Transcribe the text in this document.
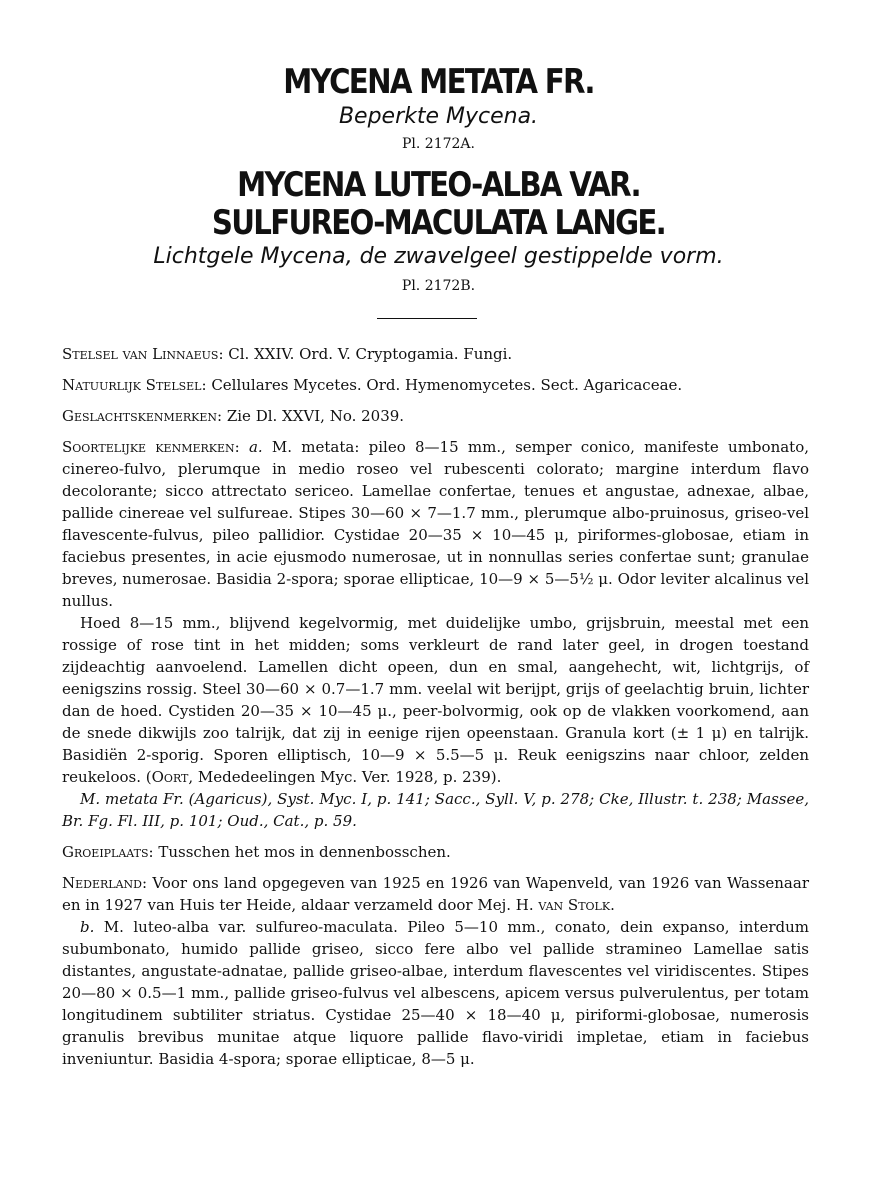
MYCENA METATA FR.
Beperkte Mycena.
Pl. 2172A.
MYCENA LUTEO-ALBA VAR.
SULFUREO-MACULATA LANGE.
Lichtgele Mycena, de zwavelgeel gestippelde vorm.
Pl. 2172B.

Stelsel van Linnaeus: Cl. XXIV. Ord. V. Cryptogamia. Fungi.

Natuurlijk Stelsel: Cellulares Mycetes. Ord. Hymenomycetes. Sect. Agaricaceae.

Geslachtskenmerken: Zie Dl. XXVI, No. 2039.

Soortelijke kenmerken: a. M. metata: pileo 8—15 mm., semper conico, manifeste umbonato, cinereo-fulvo, plerumque in medio roseo vel rubescenti colorato; margine interdum flavo decolorante; sicco attrectato sericeo. Lamellae confertae, tenues et angustae, adnexae, albae, pallide cinereae vel sulfureae. Stipes 30—60 × 7—1.7 mm., plerumque albo-pruinosus, griseo-vel flavescente-fulvus, pileo pallidior. Cystidae 20—35 × 10—45 μ, piriformes-globosae, etiam in faciebus presentes, in acie ejusmodo numerosae, ut in nonnullas series confertae sunt; granulae breves, numerosae. Basidia 2-spora; sporae ellipticae, 10—9 × 5—5½ μ. Odor leviter alcalinus vel nullus.

Hoed 8—15 mm., blijvend kegelvormig, met duidelijke umbo, grijsbruin, meestal met een rossige of rose tint in het midden; soms verkleurt de rand later geel, in drogen toestand zijdeachtig aanvoelend. Lamellen dicht opeen, dun en smal, aangehecht, wit, lichtgrijs, of eenigszins rossig. Steel 30—60 × 0.7—1.7 mm. veelal wit berijpt, grijs of geelachtig bruin, lichter dan de hoed. Cystiden 20—35 × 10—45 μ., peer-bolvormig, ook op de vlakken voorkomend, aan de snede dikwijls zoo talrijk, dat zij in eenige rijen opeenstaan. Granula kort (± 1 μ) en talrijk. Basidiën 2-sporig. Sporen elliptisch, 10—9 × 5.5—5 μ. Reuk eenigszins naar chloor, zelden reukeloos. (Oort, Mededeelingen Myc. Ver. 1928, p. 239).

M. metata Fr. (Agaricus), Syst. Myc. I, p. 141; Sacc., Syll. V, p. 278; Cke, Illustr. t. 238; Massee, Br. Fg. Fl. III, p. 101; Oud., Cat., p. 59.

Groeiplaats: Tusschen het mos in dennenbosschen.

Nederland: Voor ons land opgegeven van 1925 en 1926 van Wapenveld, van 1926 van Wassenaar en in 1927 van Huis ter Heide, aldaar verzameld door Mej. H. van Stolk.

b. M. luteo-alba var. sulfureo-maculata. Pileo 5—10 mm., conato, dein expanso, interdum subumbonato, humido pallide griseo, sicco fere albo vel pallide stramineo Lamellae satis distantes, angustate-adnatae, pallide griseo-albae, interdum flavescentes vel viridiscentes. Stipes 20—80 × 0.5—1 mm., pallide griseo-fulvus vel albescens, apicem versus pulverulentus, per totam longitudinem subtiliter striatus. Cystidae 25—40 × 18—40 μ, piriformi-globosae, numerosis granulis brevibus munitae atque liquore pallide flavo-viridi impletae, etiam in faciebus inveniuntur. Basidia 4-spora; sporae ellipticae, 8—5 μ.
